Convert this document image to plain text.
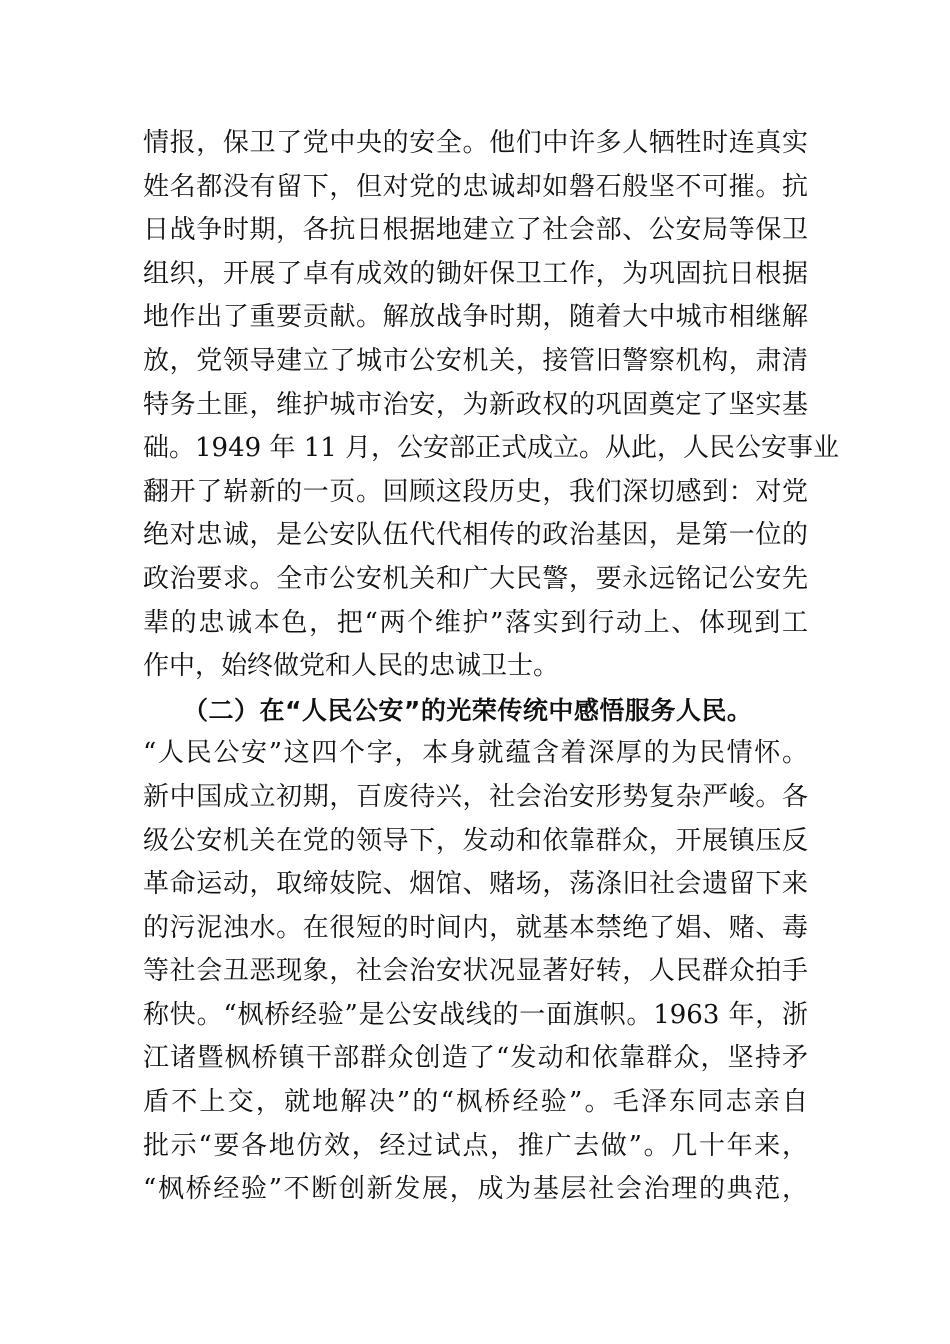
情报，保卫了党中央的安全。他们中许多人牺牲时连真实
姓名都没有留下，但对党的忠诚却如磐石般坚不可摧。抗
日战争时期，各抗日根据地建立了社会部、公安局等保卫
组织，开展了卓有成效的锄奸保卫工作，为巩固抗日根据
地作出了重要贡献。解放战争时期，随着大中城市相继解
放，党领导建立了城市公安机关，接管旧警察机构，肃清
特务土匪，维护城市治安，为新政权的巩固奠定了坚实基
础。1949 年 11 月，公安部正式成立。从此，人民公安事业
翻开了崭新的一页。回顾这段历史，我们深切感到：对党
绝对忠诚，是公安队伍代代相传的政治基因，是第一位的
政治要求。全市公安机关和广大民警，要永远铭记公安先
辈的忠诚本色，把“两个维护”落实到行动上、体现到工
作中，始终做党和人民的忠诚卫士。
（二）在“人民公安”的光荣传统中感悟服务人民。
“人民公安”这四个字，本身就蕴含着深厚的为民情怀。
新中国成立初期，百废待兴，社会治安形势复杂严峻。各
级公安机关在党的领导下，发动和依靠群众，开展镇压反
革命运动，取缔妓院、烟馆、赌场，荡涤旧社会遗留下来
的污泥浊水。在很短的时间内，就基本禁绝了娼、赌、毒
等社会丑恶现象，社会治安状况显著好转，人民群众拍手
称快。“枫桥经验”是公安战线的一面旗帜。1963 年，浙
江诸暨枫桥镇干部群众创造了“发动和依靠群众，坚持矛
盾不上交，就地解决”的“枫桥经验”。毛泽东同志亲自
批示“要各地仿效，经过试点，推广去做”。几十年来，
“枫桥经验”不断创新发展，成为基层社会治理的典范，
